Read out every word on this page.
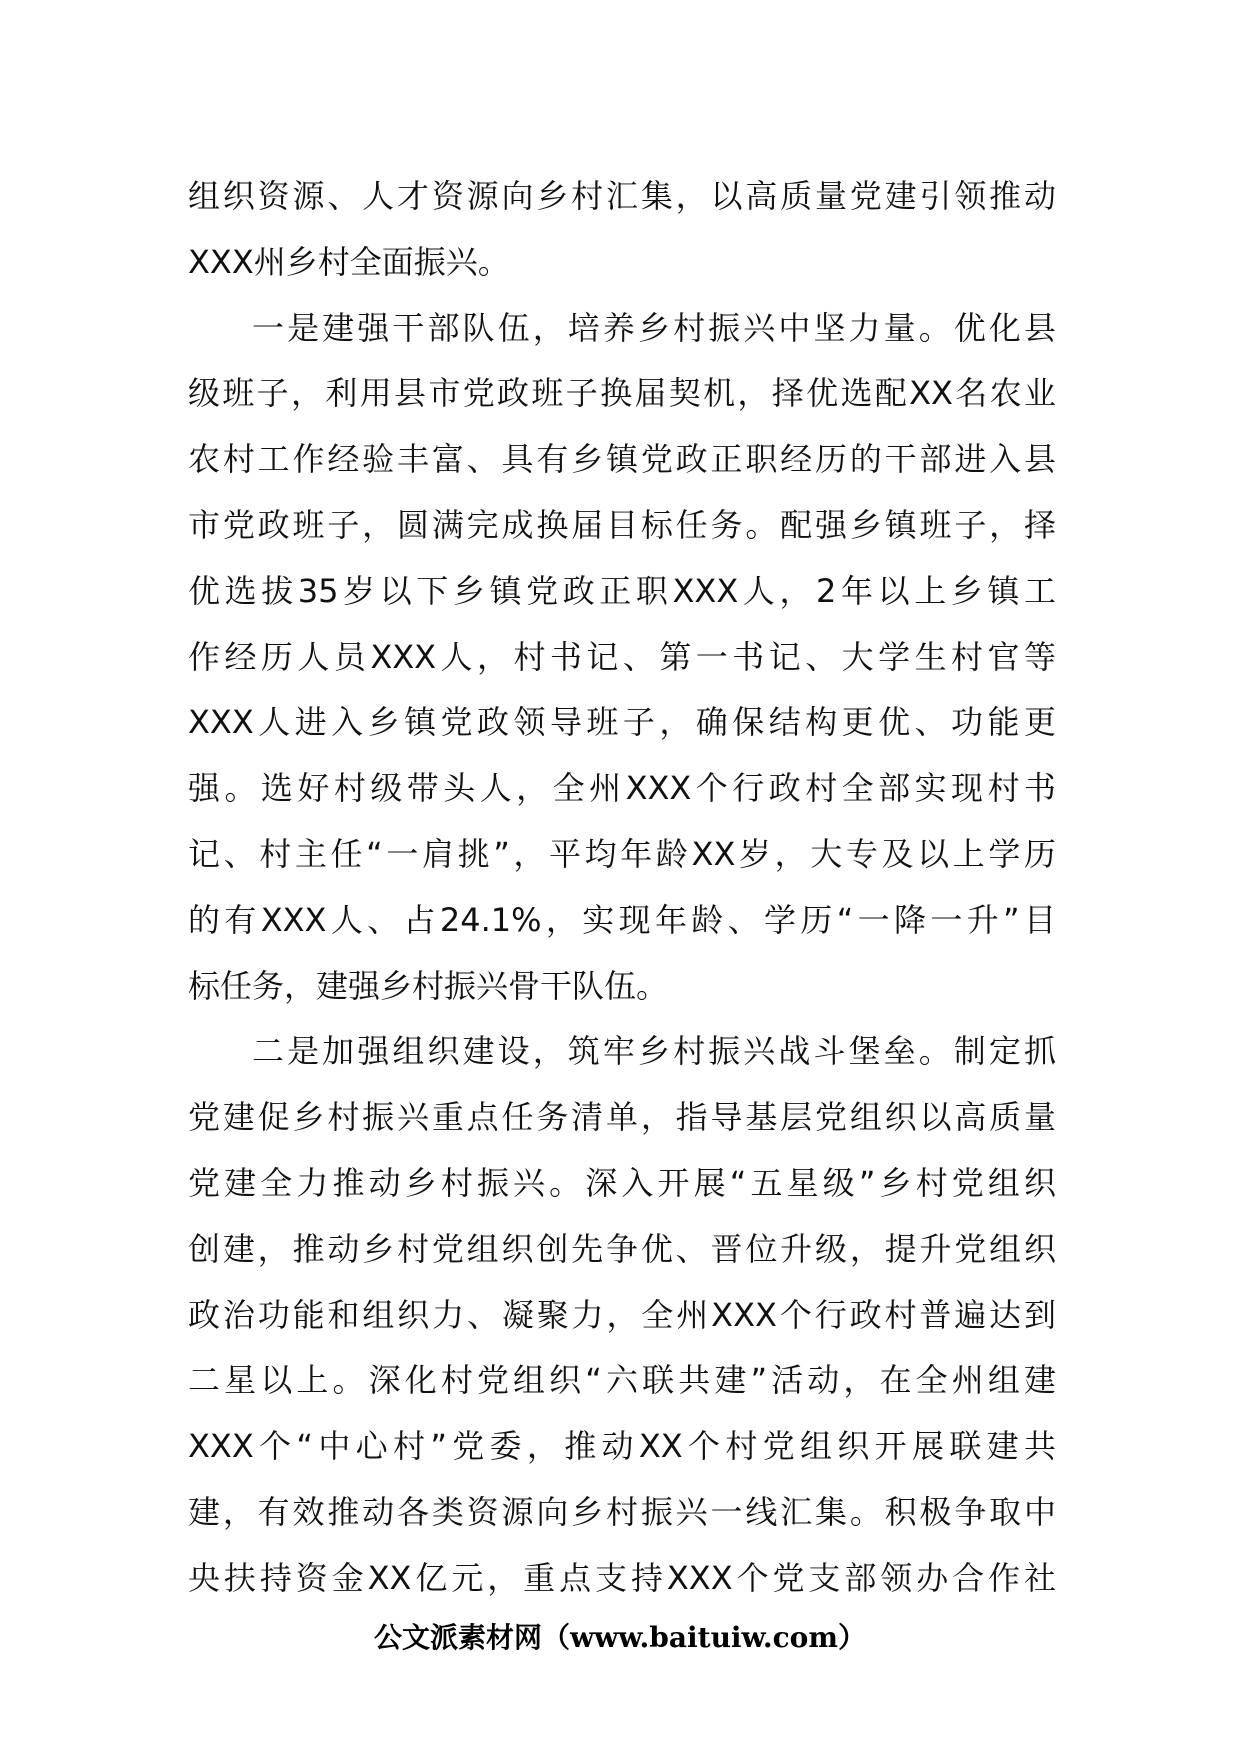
组织资源、人才资源向乡村汇集，以高质量党建引领推动
XXX州乡村全面振兴。
一是建强干部队伍，培养乡村振兴中坚力量。优化县
级班子，利用县市党政班子换届契机，择优选配XX名农业
农村工作经验丰富、具有乡镇党政正职经历的干部进入县
市党政班子，圆满完成换届目标任务。配强乡镇班子，择
优选拔35岁以下乡镇党政正职XXX人，2年以上乡镇工
作经历人员XXX人，村书记、第一书记、大学生村官等
XXX人进入乡镇党政领导班子，确保结构更优、功能更
强。选好村级带头人，全州XXX个行政村全部实现村书
记、村主任“一肩挑”，平均年龄XX岁，大专及以上学历
的有XXX人、占24.1%，实现年龄、学历“一降一升”目
标任务，建强乡村振兴骨干队伍。
二是加强组织建设，筑牢乡村振兴战斗堡垒。制定抓
党建促乡村振兴重点任务清单，指导基层党组织以高质量
党建全力推动乡村振兴。深入开展“五星级”乡村党组织
创建，推动乡村党组织创先争优、晋位升级，提升党组织
政治功能和组织力、凝聚力，全州XXX个行政村普遍达到
二星以上。深化村党组织“六联共建”活动，在全州组建
XXX个“中心村”党委，推动XX个村党组织开展联建共
建，有效推动各类资源向乡村振兴一线汇集。积极争取中
央扶持资金XX亿元，重点支持XXX个党支部领办合作社
公文派素材网（www.baituiw.com）
